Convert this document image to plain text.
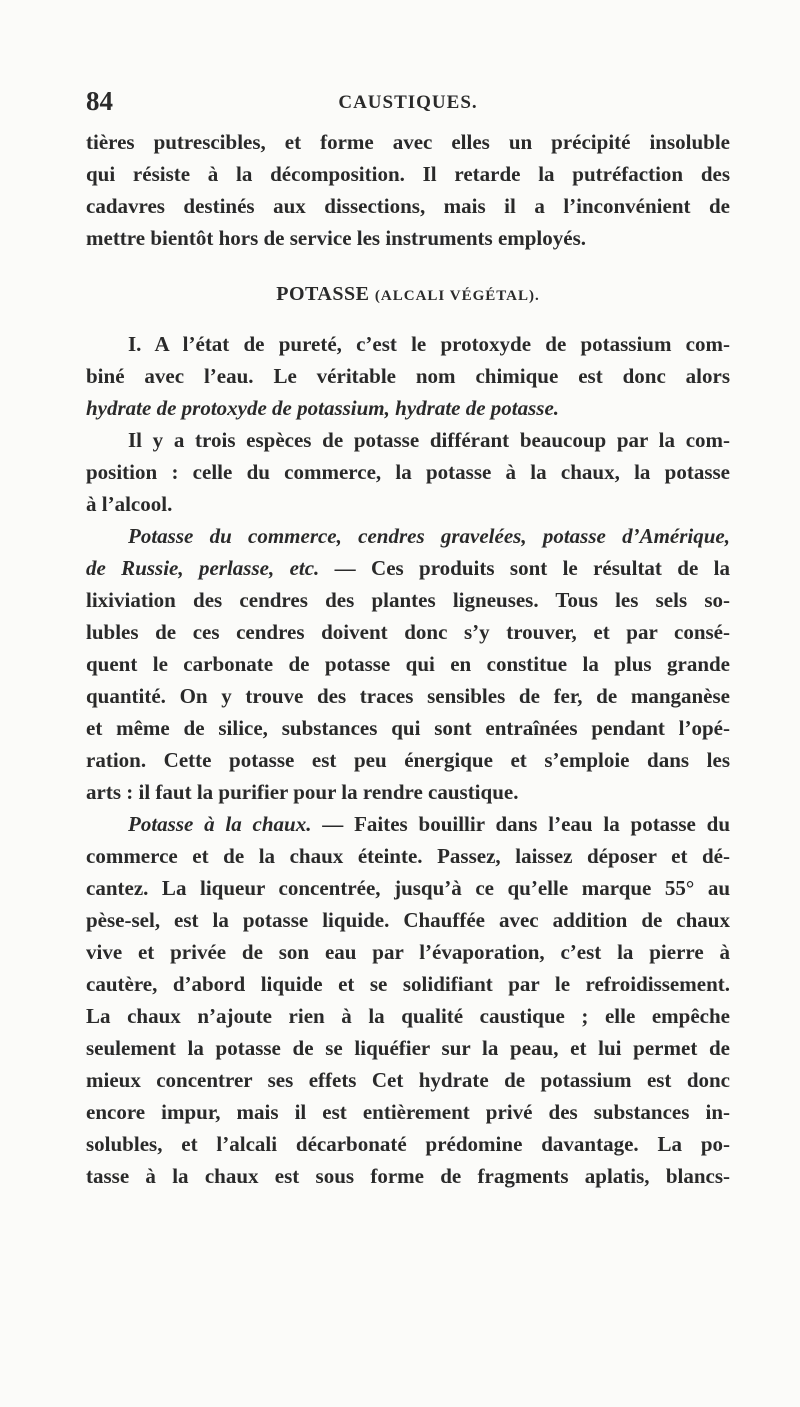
84	CAUSTIQUES.
tières putrescibles, et forme avec elles un précipité insoluble
qui résiste à la décomposition. Il retarde la putréfaction des
cadavres destinés aux dissections, mais il a l’inconvénient de
mettre bientôt hors de service les instruments employés.
POTASSE (ALCALI VÉGÉTAL).
I. A l’état de pureté, c’est le protoxyde de potassium com-
biné avec l’eau. Le véritable nom chimique est donc alors
hydrate de protoxyde de potassium, hydrate de potasse.
Il y a trois espèces de potasse différant beaucoup par la com-
position : celle du commerce, la potasse à la chaux, la potasse
à l’alcool.
Potasse du commerce, cendres gravelées, potasse d’Amérique,
de Russie, perlasse, etc. — Ces produits sont le résultat de la
lixiviation des cendres des plantes ligneuses. Tous les sels so-
lubles de ces cendres doivent donc s’y trouver, et par consé-
quent le carbonate de potasse qui en constitue la plus grande
quantité. On y trouve des traces sensibles de fer, de manganèse
et même de silice, substances qui sont entraînées pendant l’opé-
ration. Cette potasse est peu énergique et s’emploie dans les
arts : il faut la purifier pour la rendre caustique.
Potasse à la chaux. — Faites bouillir dans l’eau la potasse du
commerce et de la chaux éteinte. Passez, laissez déposer et dé-
cantez. La liqueur concentrée, jusqu’à ce qu’elle marque 55° au
pèse-sel, est la potasse liquide. Chauffée avec addition de chaux
vive et privée de son eau par l’évaporation, c’est la pierre à
cautère, d’abord liquide et se solidifiant par le refroidissement.
La chaux n’ajoute rien à la qualité caustique ; elle empêche
seulement la potasse de se liquéfier sur la peau, et lui permet de
mieux concentrer ses effets Cet hydrate de potassium est donc
encore impur, mais il est entièrement privé des substances in-
solubles, et l’alcali décarbonaté prédomine davantage. La po-
tasse à la chaux est sous forme de fragments aplatis, blancs-
